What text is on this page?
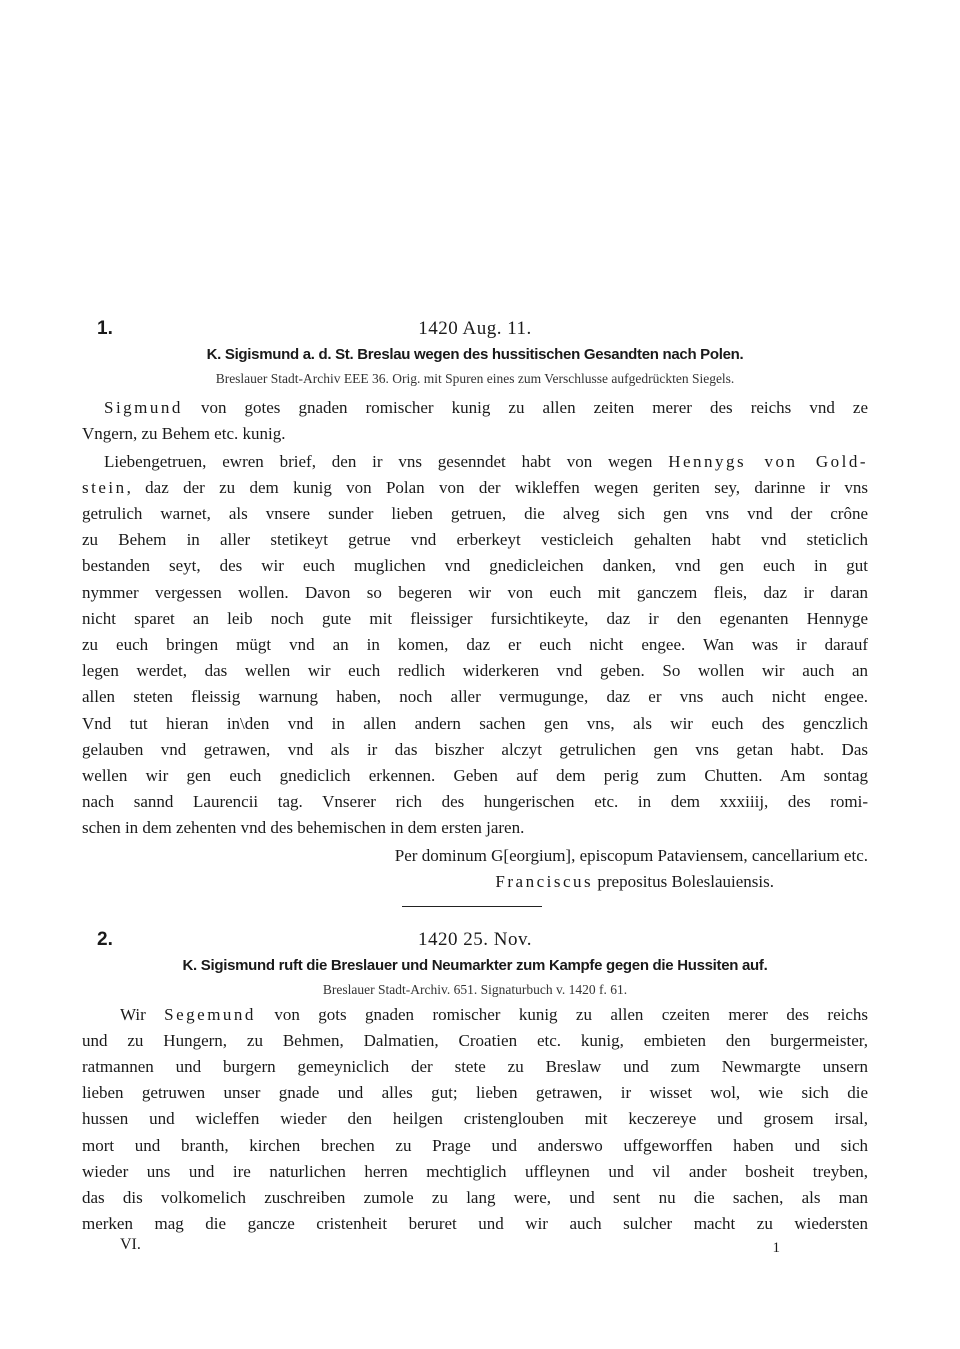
1.	1420 Aug. 11.
K. Sigismund a. d. St. Breslau wegen des hussitischen Gesandten nach Polen.
Breslauer Stadt-Archiv EEE 36. Orig. mit Spuren eines zum Verschlusse aufgedrückten Siegels.
Sigmund von gotes gnaden romischer kunig zu allen zeiten merer des reichs vnd ze
Vngern, zu Behem etc. kunig.
Liebengetruen, ewren brief, den ir vns gesenndet habt von wegen Hennygs von Gold-
stein, daz der zu dem kunig von Polan von der wikleffen wegen geriten sey, darinne ir vns
getrulich warnet, als vnsere sunder lieben getruen, die alveg sich gen vns vnd der crône
zu Behem in aller stetikeyt getrue vnd erberkeyt vesticleich gehalten habt vnd steticlich
bestanden seyt, des wir euch muglichen vnd gnedicleichen danken, vnd gen euch in gut
nymmer vergessen wollen. Davon so begeren wir von euch mit ganczem fleis, daz ir daran
nicht sparet an leib noch gute mit fleissiger fursichtikeyte, daz ir den egenanten Hennyge
zu euch bringen mügt vnd an in komen, daz er euch nicht engee. Wan was ir darauf
legen werdet, das wellen wir euch redlich widerkeren vnd geben. So wollen wir auch an
allen steten fleissig warnung haben, noch aller vermugunge, daz er vns auch nicht engee.
Vnd tut hieran in\den vnd in allen andern sachen gen vns, als wir euch des genczlich
gelauben vnd getrawen, vnd als ir das biszher alczyt getrulichen gen vns getan habt. Das
wellen wir gen euch gnediclich erkennen. Geben auf dem perig zum Chutten. Am sontag
nach sannd Laurencii tag. Vnserer rich des hungerischen etc. in dem xxxiiij, des romi-
schen in dem zehenten vnd des behemischen in dem ersten jaren.
Per dominum G[eorgium], episcopum Pataviensem, cancellarium etc.
Franciscus prepositus Boleslauiensis.
2.	1420 25. Nov.
K. Sigismund ruft die Breslauer und Neumarkter zum Kampfe gegen die Hussiten auf.
Breslauer Stadt-Archiv. 651. Signaturbuch v. 1420 f. 61.
Wir Segemund von gots gnaden romischer kunig zu allen czeiten merer des reichs
und zu Hungern, zu Behmen, Dalmatien, Croatien etc. kunig, embieten den burgermeister,
ratmannen und burgern gemeyniclich der stete zu Breslaw und zum Newmargte unsern
lieben getruwen unser gnade und alles gut; lieben getrawen, ir wisset wol, wie sich die
hussen und wicleffen wieder den heilgen cristenglouben mit keczereye und grosem irsal,
mort und branth, kirchen brechen zu Prage und anderswo uffgeworffen haben und sich
wieder uns und ire naturlichen herren mechtiglich uffleynen und vil ander bosheit treyben,
das dis volkomelich zuschreiben zumole zu lang were, und sent nu die sachen, als man
merken mag die gancze cristenheit beruret und wir auch sulcher macht zu wiedersten
VI.	1
